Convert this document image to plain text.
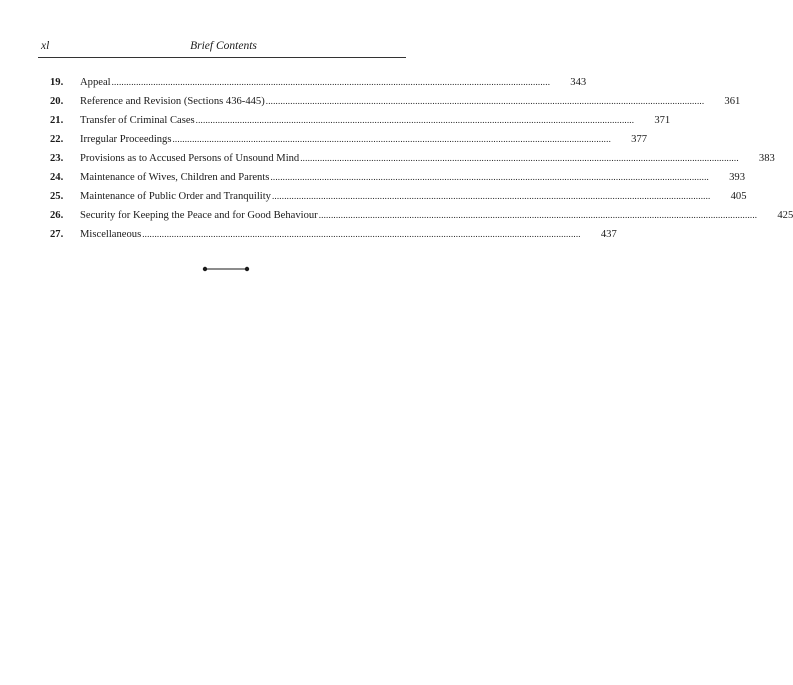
xl	Brief Contents
19.	Appeal .....	343
20.	Reference and Revision (Sections 436-445) .....	361
21.	Transfer of Criminal Cases .....	371
22.	Irregular Proceedings .....	377
23.	Provisions as to Accused Persons of Unsound Mind .....	383
24.	Maintenance of Wives, Children and Parents .....	393
25.	Maintenance of Public Order and Tranquility .....	405
26.	Security for Keeping the Peace and for Good Behaviour .....	425
27.	Miscellaneous .....	437
